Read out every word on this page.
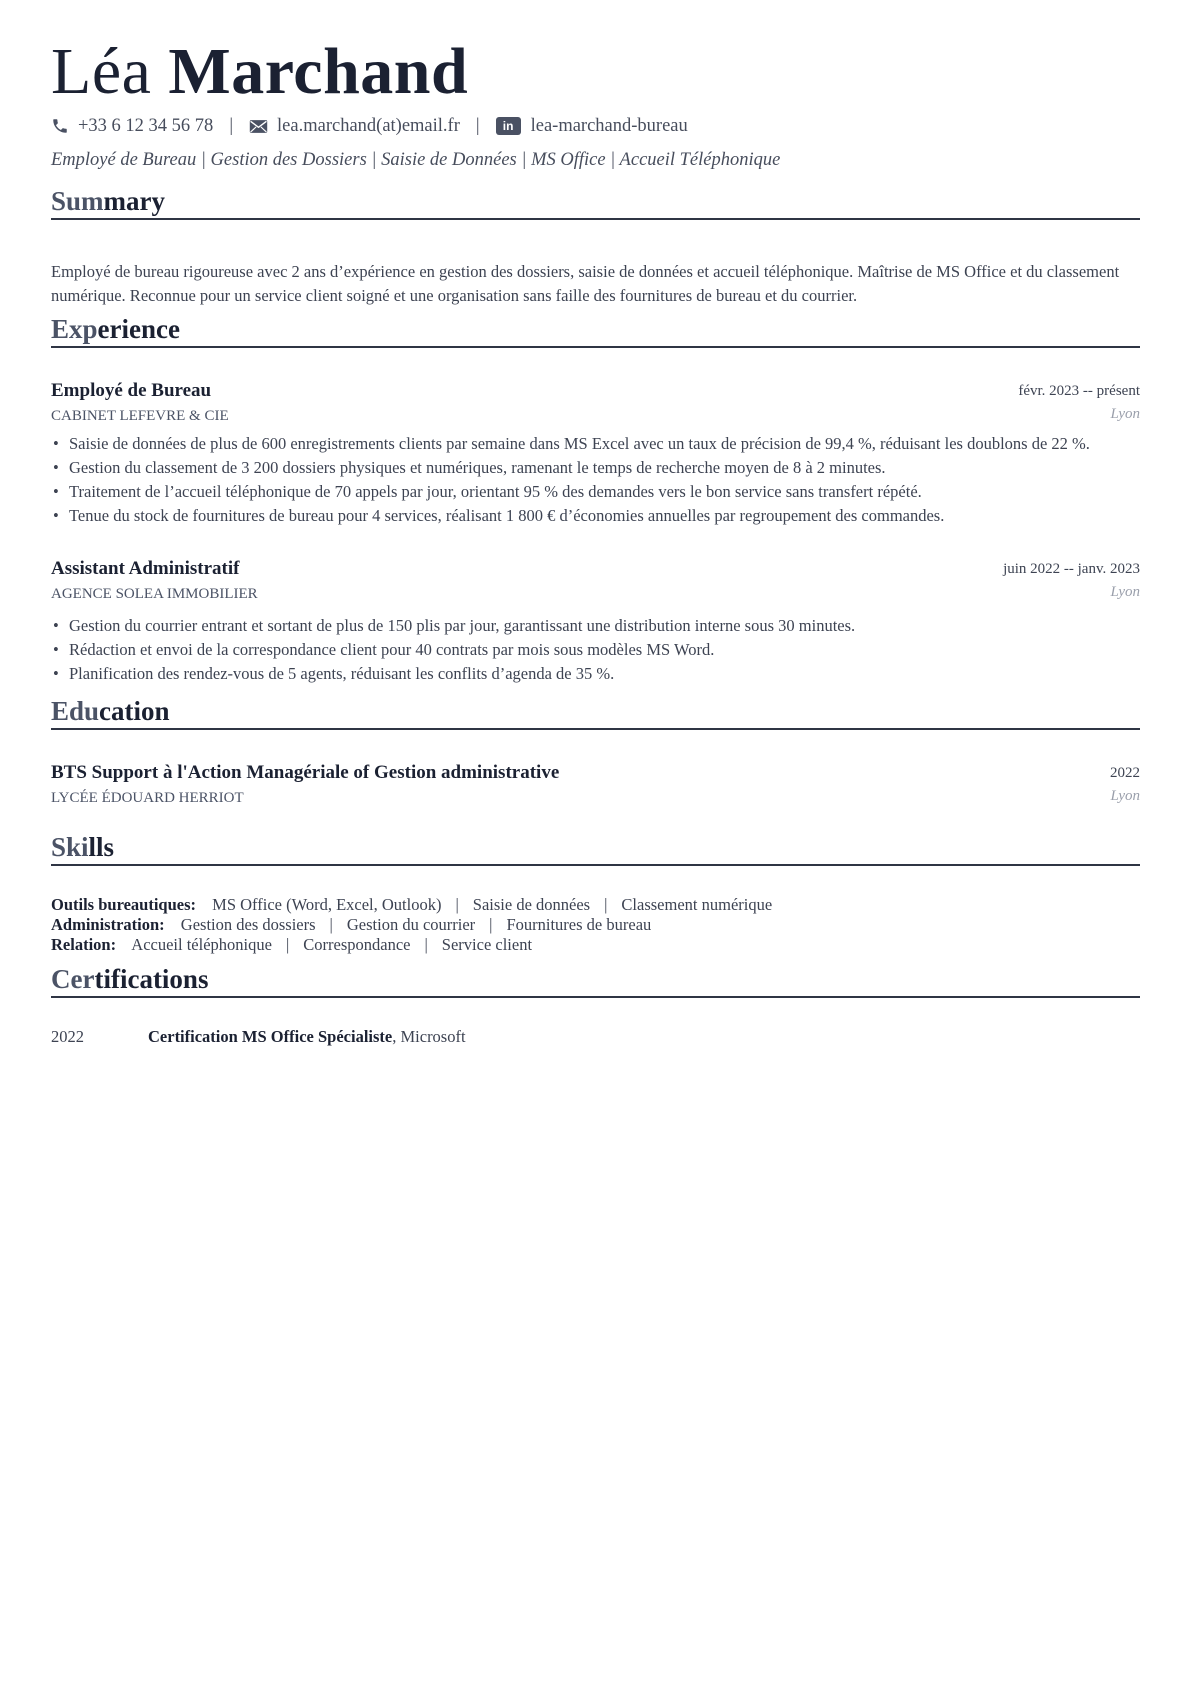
Léa Marchand
+33 6 12 34 56 78 | lea.marchand(at)email.fr |	in lea-marchand-bureau
Employé de Bureau | Gestion des Dossiers | Saisie de Données | MS Office | Accueil Téléphonique
Summary

Employé de bureau rigoureuse avec 2 ans d’expérience en gestion des dossiers, saisie de données et accueil téléphonique. Maîtrise de MS Office et du classement numérique. Reconnue pour un service client soigné et une organisation sans faille des fournitures de bureau et du courrier.

Experience
Employé de Bureau	févr. 2023 -- présent
CABINET LEFEVRE & CIE	Lyon
• Saisie de données de plus de 600 enregistrements clients par semaine dans MS Excel avec un taux de précision de 99,4 %, réduisant les doublons de 22 %.
• Gestion du classement de 3 200 dossiers physiques et numériques, ramenant le temps de recherche moyen de 8 à 2 minutes.
• Traitement de l’accueil téléphonique de 70 appels par jour, orientant 95 % des demandes vers le bon service sans transfert répété.
• Tenue du stock de fournitures de bureau pour 4 services, réalisant 1 800 € d’économies annuelles par regroupement des commandes.
Assistant Administratif	juin 2022 -- janv. 2023
AGENCE SOLEA IMMOBILIER	Lyon
• Gestion du courrier entrant et sortant de plus de 150 plis par jour, garantissant une distribution interne sous 30 minutes.
• Rédaction et envoi de la correspondance client pour 40 contrats par mois sous modèles MS Word.
• Planification des rendez-vous de 5 agents, réduisant les conflits d’agenda de 35 %.
Education
BTS Support à l'Action Managériale of Gestion administrative	2022
LYCÉE ÉDOUARD HERRIOT	Lyon
Skills
Outils bureautiques: MS Office (Word, Excel, Outlook) | Saisie de données | Classement numérique
Administration: Gestion des dossiers | Gestion du courrier | Fournitures de bureau
Relation: Accueil téléphonique | Correspondance | Service client
Certifications
2022	Certification MS Office Spécialiste, Microsoft
